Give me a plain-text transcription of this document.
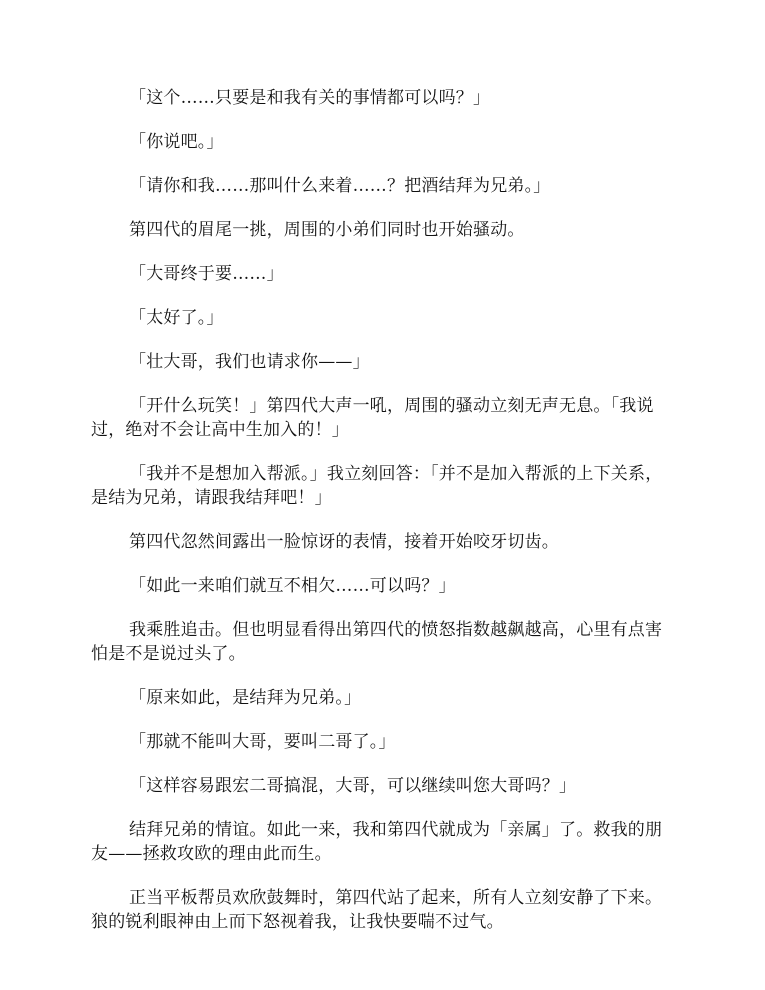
「这个……只要是和我有关的事情都可以吗？」

「你说吧。」

「请你和我……那叫什么来着……？把酒结拜为兄弟。」

第四代的眉尾一挑，周围的小弟们同时也开始骚动。

「大哥终于要……」

「太好了。」

「壮大哥，我们也请求你——」

「开什么玩笑！」第四代大声一吼，周围的骚动立刻无声无息。「我说过，绝对不会让高中生加入的！」

「我并不是想加入帮派。」我立刻回答：「并不是加入帮派的上下关系，是结为兄弟，请跟我结拜吧！」

第四代忽然间露出一脸惊讶的表情，接着开始咬牙切齿。

「如此一来咱们就互不相欠……可以吗？」

我乘胜追击。但也明显看得出第四代的愤怒指数越飙越高，心里有点害怕是不是说过头了。

「原来如此，是结拜为兄弟。」

「那就不能叫大哥，要叫二哥了。」

「这样容易跟宏二哥搞混，大哥，可以继续叫您大哥吗？」

结拜兄弟的情谊。如此一来，我和第四代就成为「亲属」了。救我的朋友——拯救攻欧的理由此而生。

正当平板帮员欢欣鼓舞时，第四代站了起来，所有人立刻安静了下来。狼的锐利眼神由上而下怒视着我，让我快要喘不过气。
